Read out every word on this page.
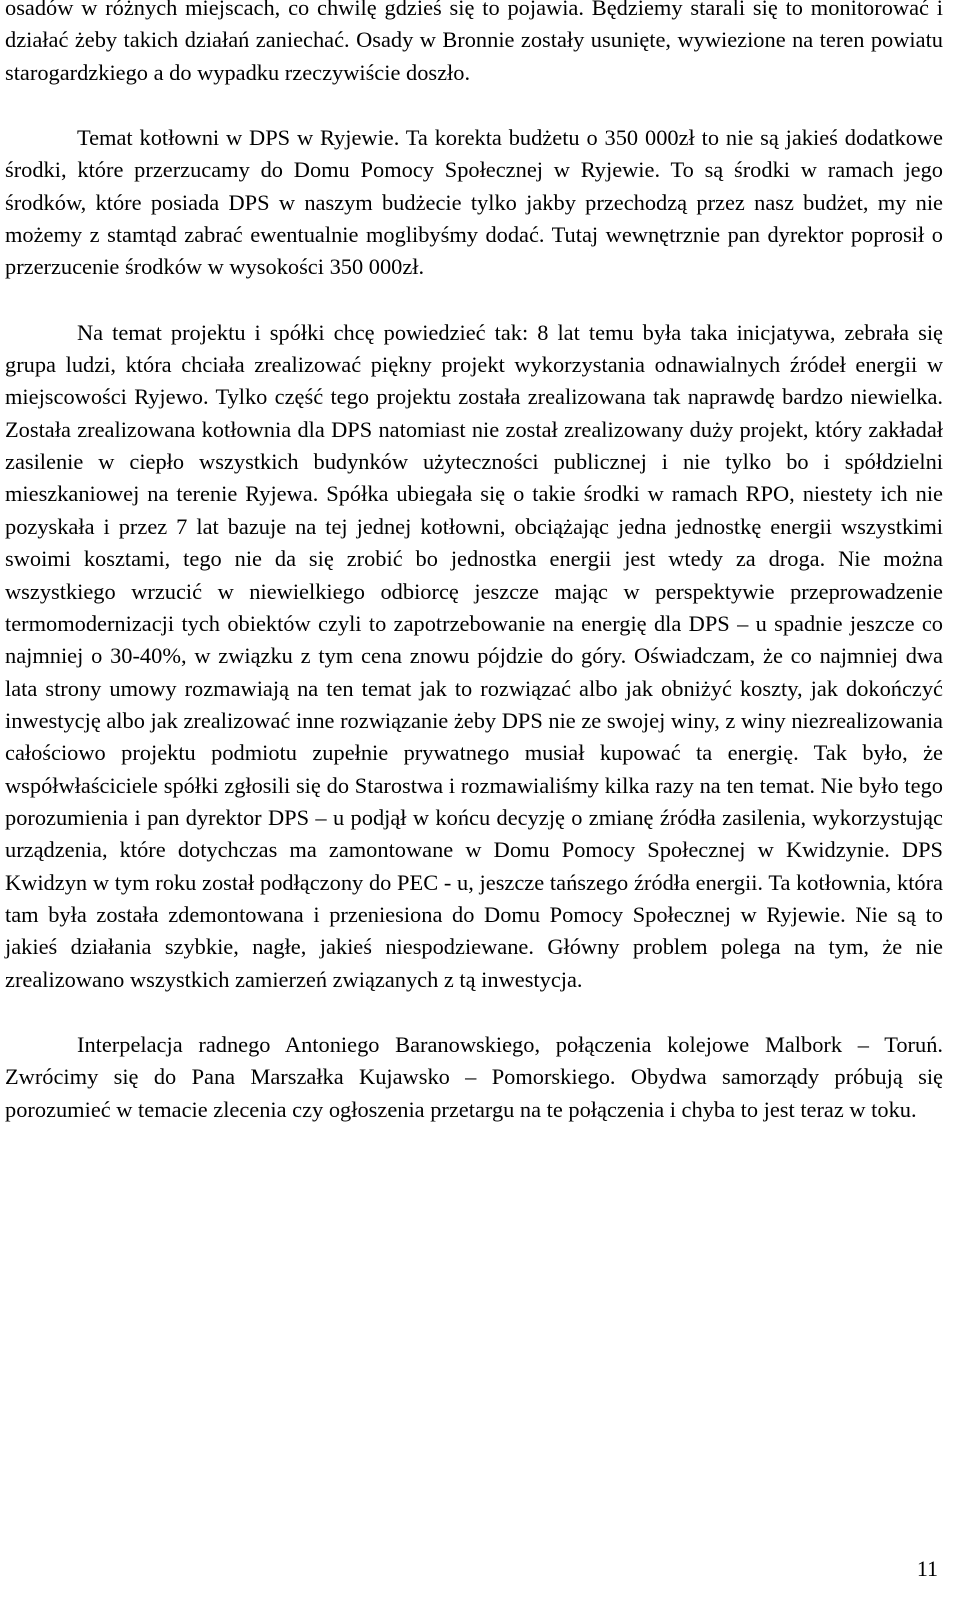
osadów w różnych miejscach, co chwilę gdzieś się to pojawia. Będziemy starali się to monitorować i działać żeby takich działań zaniechać. Osady w Bronnie zostały usunięte, wywiezione na teren powiatu starogardzkiego a do wypadku rzeczywiście doszło.

Temat kotłowni w DPS w Ryjewie. Ta korekta budżetu o 350 000zł to nie są jakieś dodatkowe środki, które przerzucamy do Domu Pomocy Społecznej w Ryjewie. To są środki w ramach jego środków, które posiada DPS w naszym budżecie tylko jakby przechodzą przez nasz budżet, my nie możemy z stamtąd zabrać ewentualnie moglibyśmy dodać. Tutaj wewnętrznie pan dyrektor poprosił o przerzucenie środków w wysokości 350 000zł.

Na temat projektu i spółki chcę powiedzieć tak: 8 lat temu była taka inicjatywa, zebrała się grupa ludzi, która chciała zrealizować piękny projekt wykorzystania odnawialnych źródeł energii w miejscowości Ryjewo. Tylko część tego projektu została zrealizowana tak naprawdę bardzo niewielka. Została zrealizowana kotłownia dla DPS natomiast nie został zrealizowany duży projekt, który zakładał zasilenie w ciepło wszystkich budynków użyteczności publicznej i nie tylko bo i spółdzielni mieszkaniowej na terenie Ryjewa. Spółka ubiegała się o takie środki w ramach RPO, niestety ich nie pozyskała i przez 7 lat bazuje na tej jednej kotłowni, obciążając jedna jednostkę energii wszystkimi swoimi kosztami, tego nie da się zrobić bo jednostka energii jest wtedy za droga. Nie można wszystkiego wrzucić w niewielkiego odbiorcę jeszcze mając w perspektywie przeprowadzenie termomodernizacji tych obiektów czyli to zapotrzebowanie na energię dla DPS – u spadnie jeszcze co najmniej o 30-40%, w związku z tym cena znowu pójdzie do góry. Oświadczam, że co najmniej dwa lata strony umowy rozmawiają na ten temat jak to rozwiązać albo jak obniżyć koszty, jak dokończyć inwestycję albo jak zrealizować inne rozwiązanie żeby DPS nie ze swojej winy, z winy niezrealizowania całościowo projektu podmiotu zupełnie prywatnego musiał kupować ta energię. Tak było, że współwłaściciele spółki zgłosili się do Starostwa i rozmawialiśmy kilka razy na ten temat. Nie było tego porozumienia i pan dyrektor DPS – u podjął w końcu decyzję o zmianę źródła zasilenia, wykorzystując urządzenia, które dotychczas ma zamontowane w Domu Pomocy Społecznej w Kwidzynie. DPS Kwidzyn w tym roku został podłączony do PEC - u, jeszcze tańszego źródła energii. Ta kotłownia, która tam była została zdemontowana i przeniesiona do Domu Pomocy Społecznej w Ryjewie. Nie są to jakieś działania szybkie, nagłe, jakieś niespodziewane. Główny problem polega na tym, że nie zrealizowano wszystkich zamierzeń związanych z tą inwestycja.

Interpelacja radnego Antoniego Baranowskiego, połączenia kolejowe Malbork – Toruń. Zwrócimy się do Pana Marszałka Kujawsko – Pomorskiego. Obydwa samorządy próbują się porozumieć w temacie zlecenia czy ogłoszenia przetargu na te połączenia i chyba to jest teraz w toku.

11
